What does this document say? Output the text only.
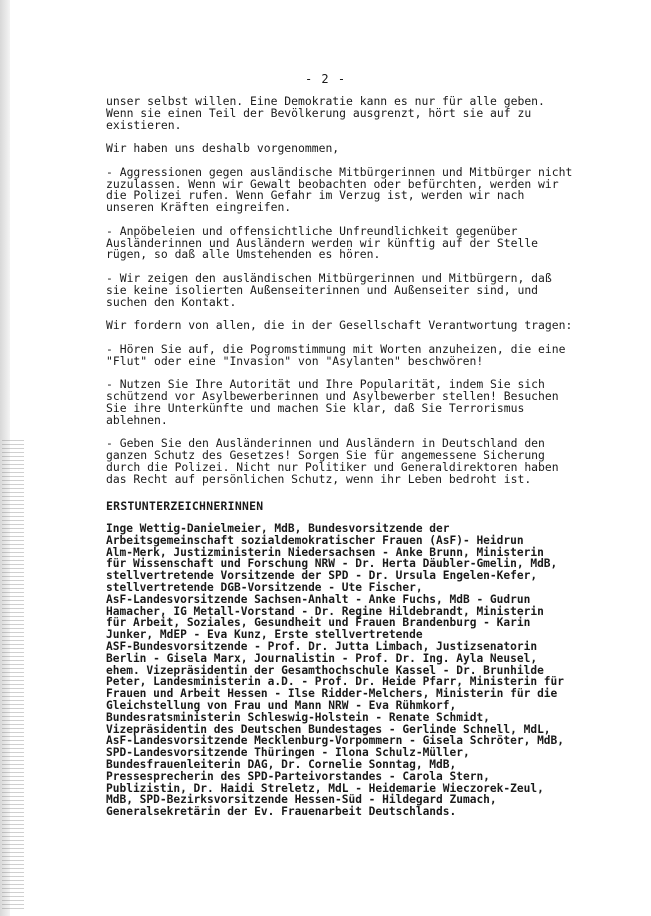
- 2 -

unser selbst willen. Eine Demokratie kann es nur für alle geben.
Wenn sie einen Teil der Bevölkerung ausgrenzt, hört sie auf zu
existieren.

Wir haben uns deshalb vorgenommen,

- Aggressionen gegen ausländische Mitbürgerinnen und Mitbürger nicht
zuzulassen. Wenn wir Gewalt beobachten oder befürchten, werden wir
die Polizei rufen. Wenn Gefahr im Verzug ist, werden wir nach
unseren Kräften eingreifen.

- Anpöbeleien und offensichtliche Unfreundlichkeit gegenüber
Ausländerinnen und Ausländern werden wir künftig auf der Stelle
rügen, so daß alle Umstehenden es hören.

- Wir zeigen den ausländischen Mitbürgerinnen und Mitbürgern, daß
sie keine isolierten Außenseiterinnen und Außenseiter sind, und
suchen den Kontakt.

Wir fordern von allen, die in der Gesellschaft Verantwortung tragen:

- Hören Sie auf, die Pogromstimmung mit Worten anzuheizen, die eine
"Flut" oder eine "Invasion" von "Asylanten" beschwören!

- Nutzen Sie Ihre Autorität und Ihre Popularität, indem Sie sich
schützend vor Asylbewerberinnen und Asylbewerber stellen! Besuchen
Sie ihre Unterkünfte und machen Sie klar, daß Sie Terrorismus
ablehnen.

- Geben Sie den Ausländerinnen und Ausländern in Deutschland den
ganzen Schutz des Gesetzes! Sorgen Sie für angemessene Sicherung
durch die Polizei. Nicht nur Politiker und Generaldirektoren haben
das Recht auf persönlichen Schutz, wenn ihr Leben bedroht ist.

ERSTUNTERZEICHNERINNEN

Inge Wettig-Danielmeier, MdB, Bundesvorsitzende der
Arbeitsgemeinschaft sozialdemokratischer Frauen (AsF)- Heidrun
Alm-Merk, Justizministerin Niedersachsen - Anke Brunn, Ministerin
für Wissenschaft und Forschung NRW - Dr. Herta Däubler-Gmelin, MdB,
stellvertretende Vorsitzende der SPD - Dr. Ursula Engelen-Kefer,
stellvertretende DGB-Vorsitzende - Ute Fischer,
AsF-Landesvorsitzende Sachsen-Anhalt - Anke Fuchs, MdB - Gudrun
Hamacher, IG Metall-Vorstand - Dr. Regine Hildebrandt, Ministerin
für Arbeit, Soziales, Gesundheit und Frauen Brandenburg - Karin
Junker, MdEP - Eva Kunz, Erste stellvertretende
ASF-Bundesvorsitzende - Prof. Dr. Jutta Limbach, Justizsenatorin
Berlin - Gisela Marx, Journalistin - Prof. Dr. Ing. Ayla Neusel,
ehem. Vizepräsidentin der Gesamthochschule Kassel - Dr. Brunhilde
Peter, Landesministerin a.D. - Prof. Dr. Heide Pfarr, Ministerin für
Frauen und Arbeit Hessen - Ilse Ridder-Melchers, Ministerin für die
Gleichstellung von Frau und Mann NRW - Eva Rühmkorf,
Bundesratsministerin Schleswig-Holstein - Renate Schmidt,
Vizepräsidentin des Deutschen Bundestages - Gerlinde Schnell, MdL,
AsF-Landesvorsitzende Mecklenburg-Vorpommern - Gisela Schröter, MdB,
SPD-Landesvorsitzende Thüringen - Ilona Schulz-Müller,
Bundesfrauenleiterin DAG, Dr. Cornelie Sonntag, MdB,
Pressesprecherin des SPD-Parteivorstandes - Carola Stern,
Publizistin, Dr. Haidi Streletz, MdL - Heidemarie Wieczorek-Zeul,
MdB, SPD-Bezirksvorsitzende Hessen-Süd - Hildegard Zumach,
Generalsekretärin der Ev. Frauenarbeit Deutschlands.
